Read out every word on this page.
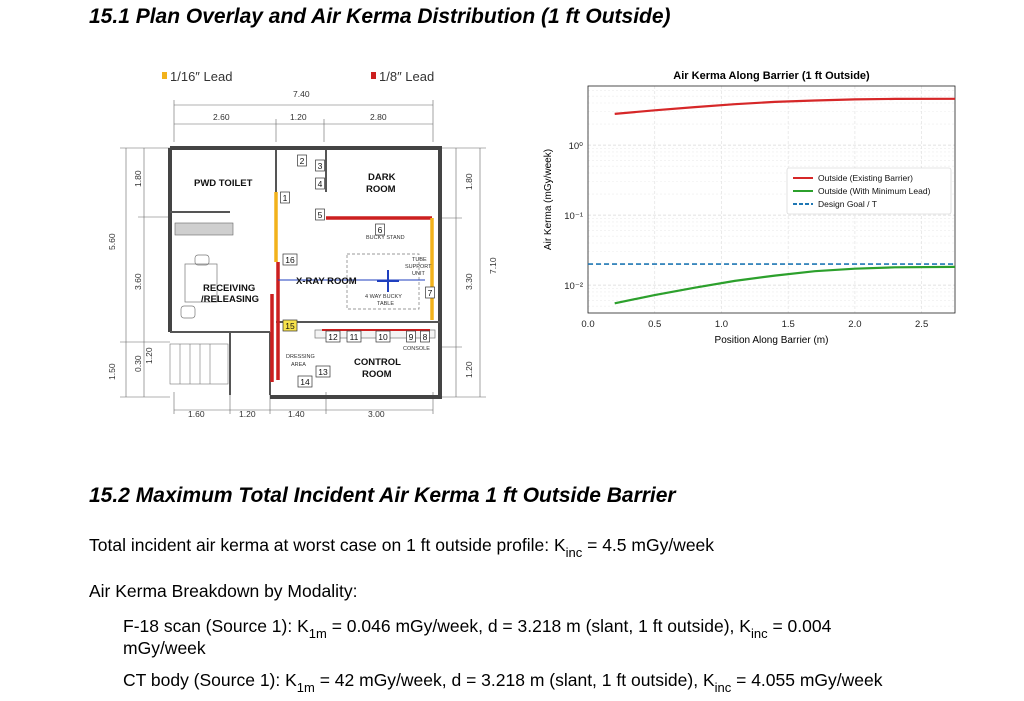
15.1 Plan Overlay and Air Kerma Distribution (1 ft Outside)
1/16″ Lead	1/8″ Lead
7.40
2.60	1.20	2.80
1.60	1.20	1.40	3.00
5.60
1.50
1.80
3.60
0.30 1.20
1.80
3.30
1.20
7.10
PWD TOILET
DARK
ROOM
X-RAY ROOM
RECEIVING
/RELEASING
CONTROL
ROOM
DRESSING
AREA
BUCKY STAND
TUBE
SUPPORT
UNIT
4 WAY BUCKY
TABLE
CONSOLE
1
2 3
4
5
6
7
8
9
10
11
12
13
14
15
16
Air Kerma Along Barrier (1 ft Outside)
0.0	0.5	1.0	1.5	2.0	2.5
10⁰
10⁻¹
10⁻²
Position Along Barrier (m)
Air Kerma (mGy/week)	Outside (Existing Barrier)
Outside (With Minimum Lead)
Design Goal / T
15.2 Maximum Total Incident Air Kerma 1 ft Outside Barrier

Total incident air kerma at worst case on 1 ft outside profile: $K_{inc} = 4.5$ mGy/week

Air Kerma Breakdown by Modality:

F-18 scan (Source 1): $K_{1m} = 0.046$ mGy/week, d = 3.218 m (slant, 1 ft outside), $K_{inc} = 0.004$

mGy/week

CT body (Source 1): $K_{1m} = 42$ mGy/week, d = 3.218 m (slant, 1 ft outside), $K_{inc} = 4.055$ mGy/week
